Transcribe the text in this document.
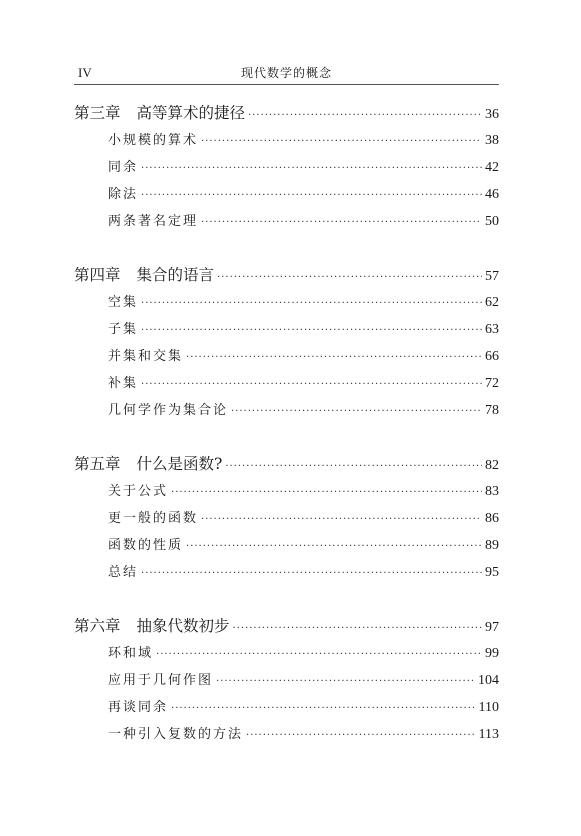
IV	现代数学的概念
第三章 高等算术的捷径 ·····	36
小规模的算术 ·····	38
同余 ·····	42
除法 ·····	46
两条著名定理 ·····	50
第四章 集合的语言 ·····	57
空集 ·····	62
子集 ·····	63
并集和交集 ·····	66
补集 ·····	72
几何学作为集合论 ·····	78
第五章 什么是函数? ·····	82
关于公式 ·····	83
更一般的函数 ·····	86
函数的性质 ·····	89
总结 ·····	95
第六章 抽象代数初步 ·····	97
环和域 ·····	99
应用于几何作图 ·····	104
再谈同余 ·····	110
一种引入复数的方法 ·····	113
